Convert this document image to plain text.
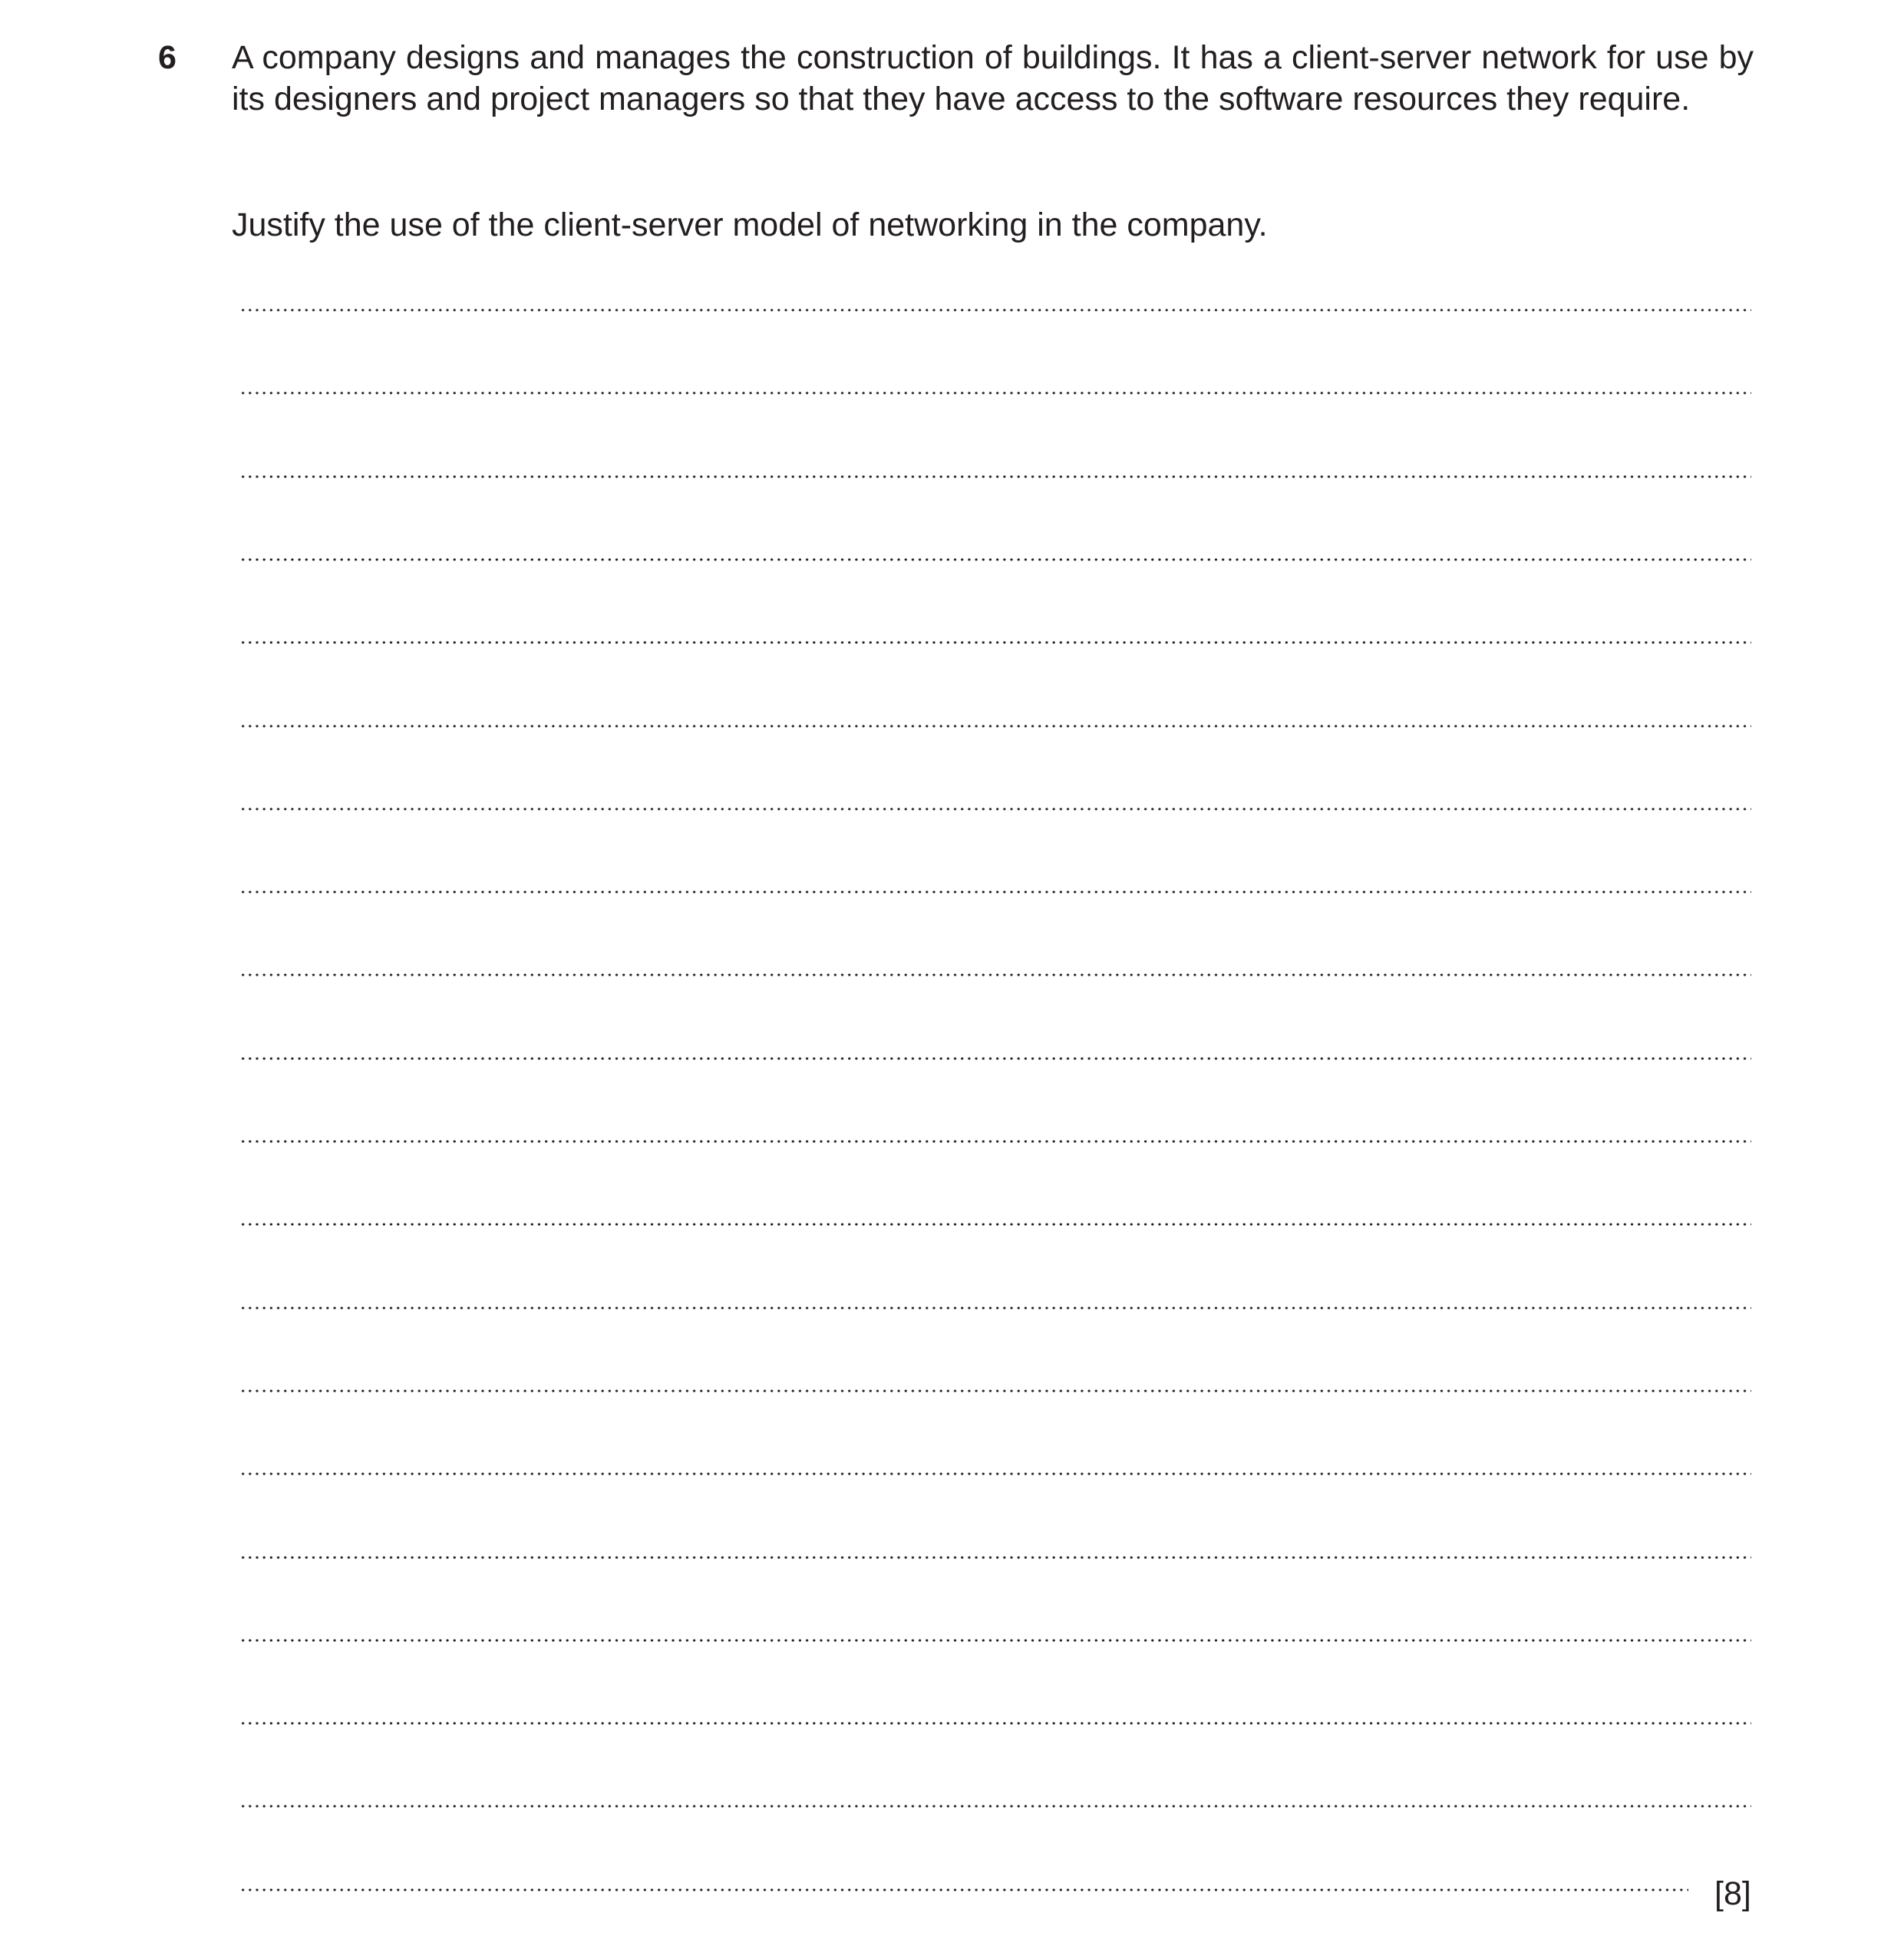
6 A company designs and manages the construction of buildings. It has a client-server network for use by its designers and project managers so that they have access to the software resources they require.

Justify the use of the client-server model of networking in the company.

[8]
